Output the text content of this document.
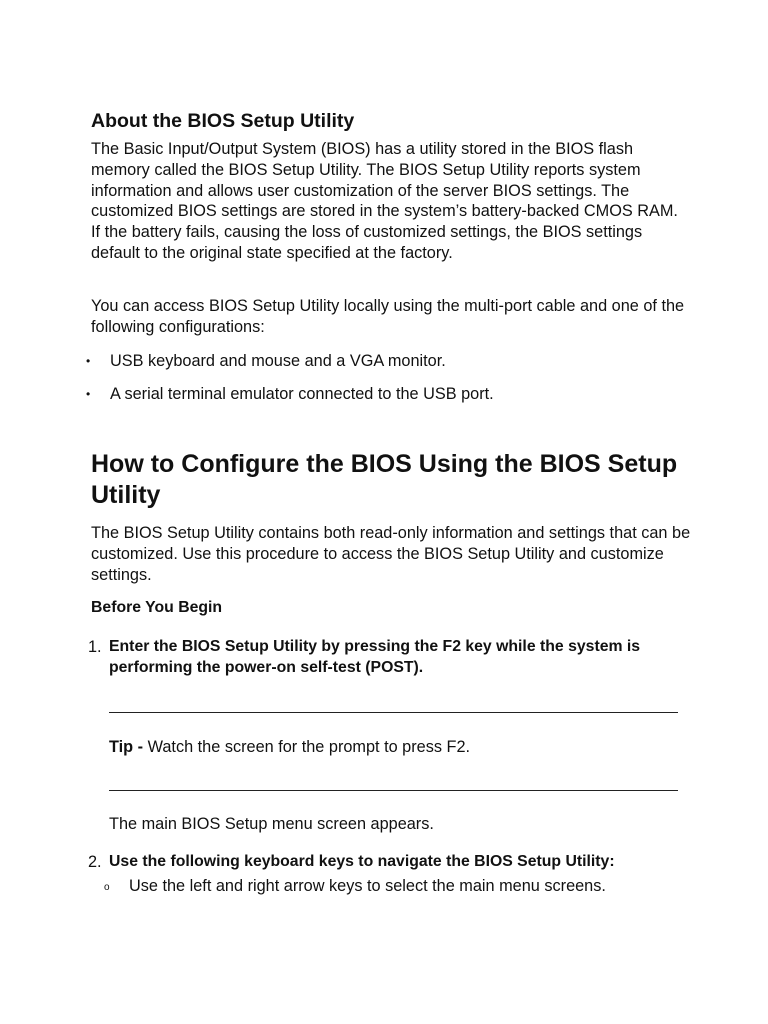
About the BIOS Setup Utility

The Basic Input/Output System (BIOS) has a utility stored in the BIOS flash memory called the BIOS Setup Utility. The BIOS Setup Utility reports system information and allows user customization of the server BIOS settings. The customized BIOS settings are stored in the system’s battery-backed CMOS RAM. If the battery fails, causing the loss of customized settings, the BIOS settings default to the original state specified at the factory.

You can access BIOS Setup Utility locally using the multi-port cable and one of the following configurations:

• USB keyboard and mouse and a VGA monitor.
• A serial terminal emulator connected to the USB port.
How to Configure the BIOS Using the BIOS Setup Utility

The BIOS Setup Utility contains both read-only information and settings that can be customized. Use this procedure to access the BIOS Setup Utility and customize settings.

Before You Begin
1. Enter the BIOS Setup Utility by pressing the F2 key while the system is performing the power-on self-test (POST).
Tip - Watch the screen for the prompt to press F2.

The main BIOS Setup menu screen appears.

2. Use the following keyboard keys to navigate the BIOS Setup Utility:
o Use the left and right arrow keys to select the main menu screens.
